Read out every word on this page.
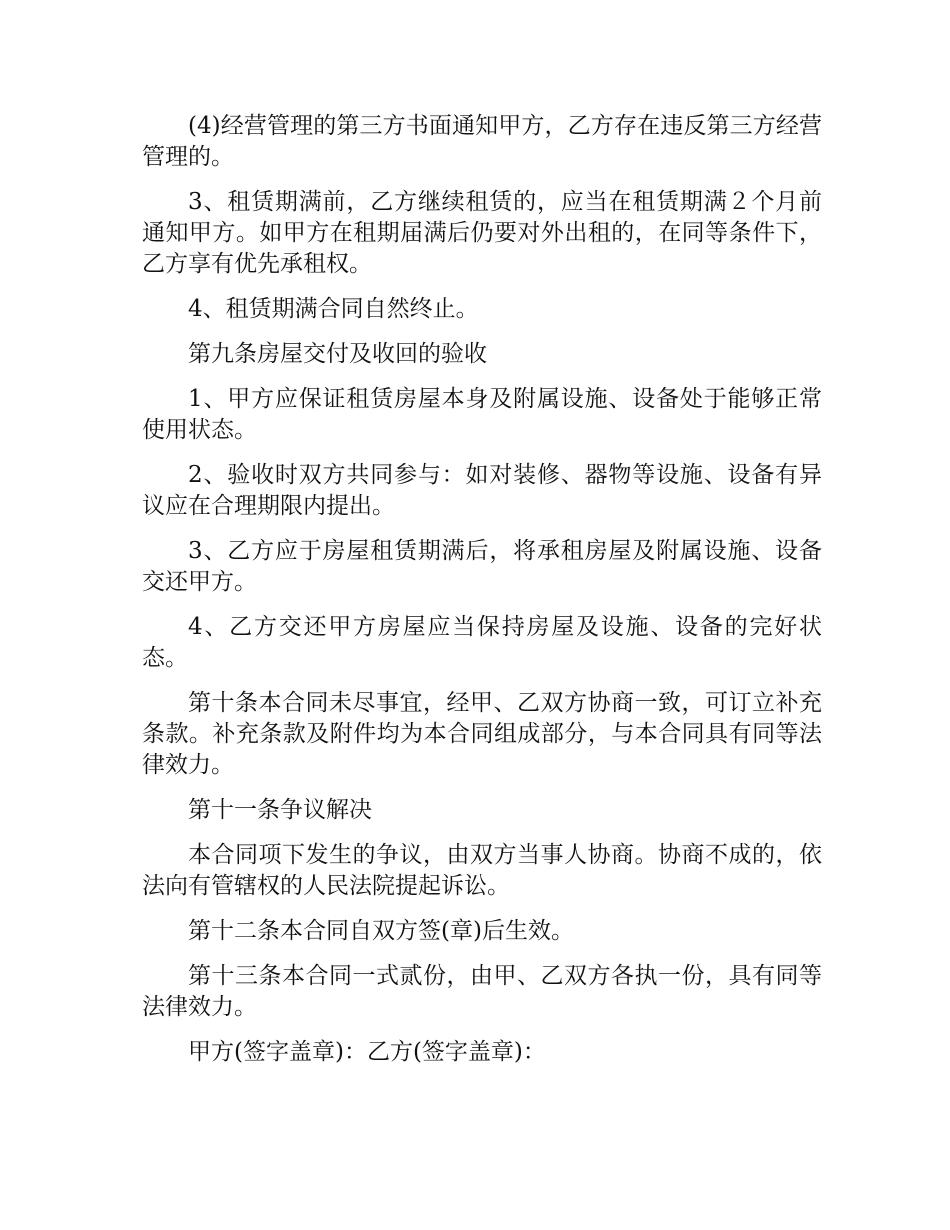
(4)经营管理的第三方书面通知甲方，乙方存在违反第三方经营管理的。

3、租赁期满前，乙方继续租赁的，应当在租赁期满２个月前通知甲方。如甲方在租期届满后仍要对外出租的，在同等条件下，乙方享有优先承租权。

4、租赁期满合同自然终止。

第九条房屋交付及收回的验收

1、甲方应保证租赁房屋本身及附属设施、设备处于能够正常使用状态。

2、验收时双方共同参与：如对装修、器物等设施、设备有异议应在合理期限内提出。

3、乙方应于房屋租赁期满后，将承租房屋及附属设施、设备交还甲方。

4、乙方交还甲方房屋应当保持房屋及设施、设备的完好状态。

第十条本合同未尽事宜，经甲、乙双方协商一致，可订立补充条款。补充条款及附件均为本合同组成部分，与本合同具有同等法律效力。

第十一条争议解决

本合同项下发生的争议，由双方当事人协商。协商不成的，依法向有管辖权的人民法院提起诉讼。

第十二条本合同自双方签(章)后生效。

第十三条本合同一式贰份，由甲、乙双方各执一份，具有同等法律效力。

甲方(签字盖章)：乙方(签字盖章)：
